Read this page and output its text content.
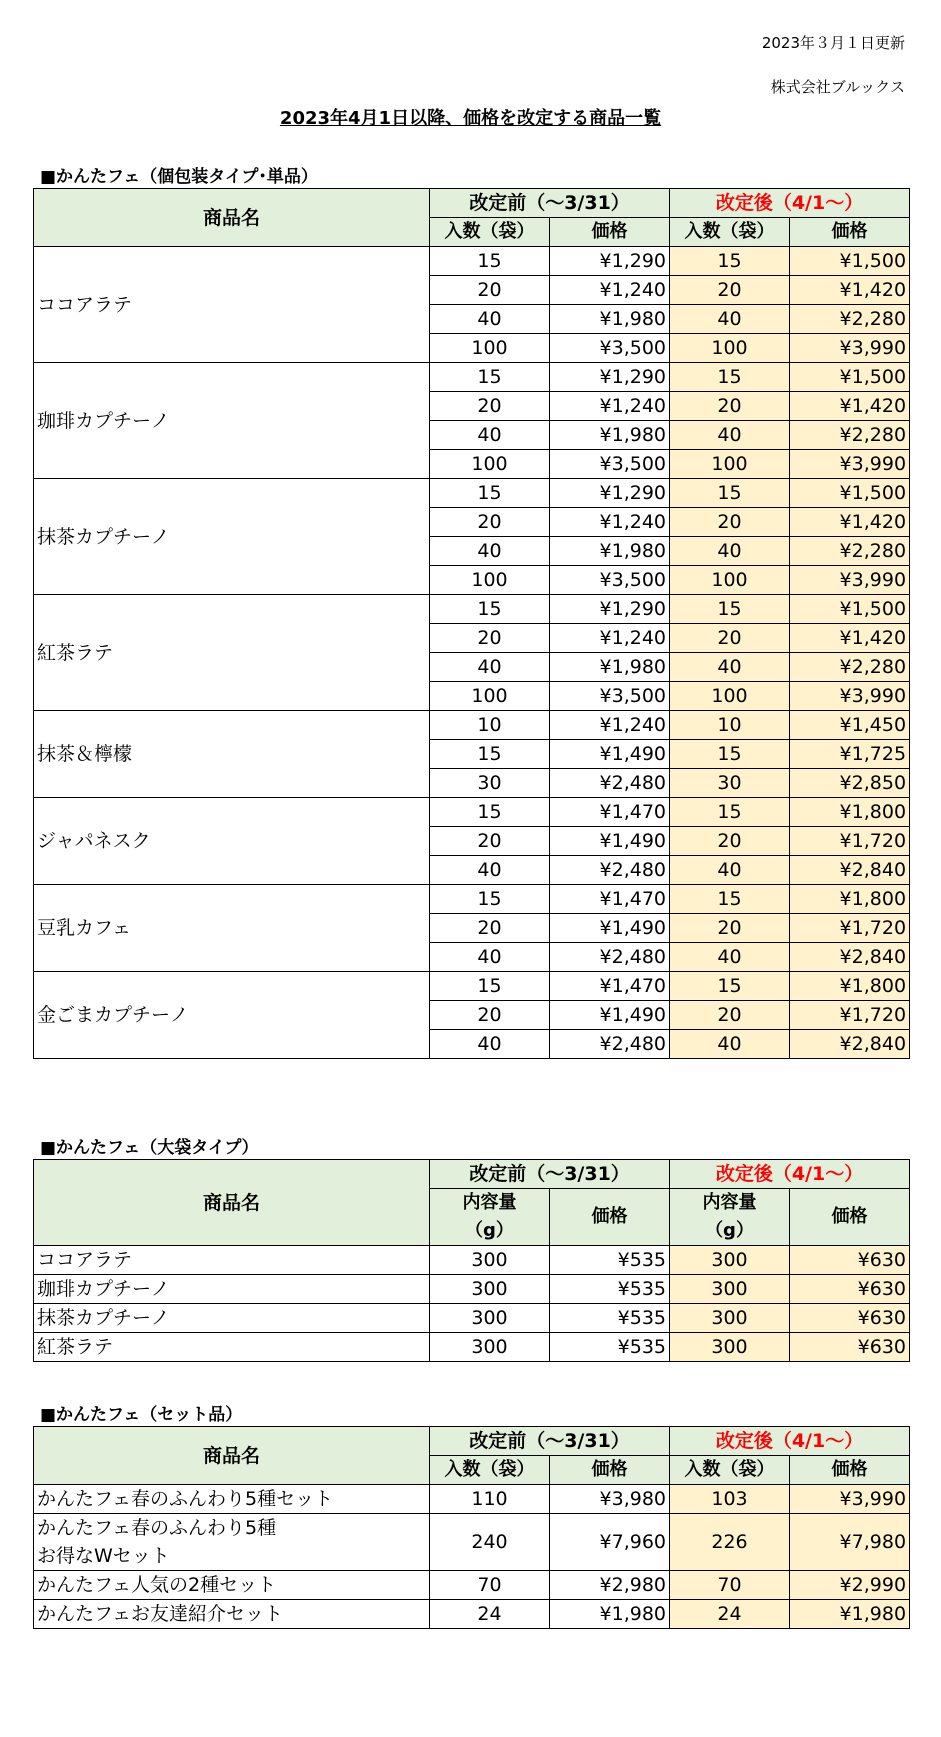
2023年３月１日更新
株式会社ブルックス
2023年4月1日以降、価格を改定する商品一覧
■かんたフェ（個包装タイプ･単品）
商品名	改定前（～3/31）		改定後（4/1～）	
	入数（袋）	価格	入数（袋）	価格
ココアラテ	15	¥1,290	15	¥1,500
	20	¥1,240	20	¥1,420
	40	¥1,980	40	¥2,280
	100	¥3,500	100	¥3,990
珈琲カプチーノ	15	¥1,290	15	¥1,500
	20	¥1,240	20	¥1,420
	40	¥1,980	40	¥2,280
	100	¥3,500	100	¥3,990
抹茶カプチーノ	15	¥1,290	15	¥1,500
	20	¥1,240	20	¥1,420
	40	¥1,980	40	¥2,280
	100	¥3,500	100	¥3,990
紅茶ラテ	15	¥1,290	15	¥1,500
	20	¥1,240	20	¥1,420
	40	¥1,980	40	¥2,280
	100	¥3,500	100	¥3,990
抹茶＆檸檬	10	¥1,240	10	¥1,450
	15	¥1,490	15	¥1,725
	30	¥2,480	30	¥2,850
ジャパネスク	15	¥1,470	15	¥1,800
	20	¥1,490	20	¥1,720
	40	¥2,480	40	¥2,840
豆乳カフェ	15	¥1,470	15	¥1,800
	20	¥1,490	20	¥1,720
	40	¥2,480	40	¥2,840
金ごまカプチーノ	15	¥1,470	15	¥1,800
	20	¥1,490	20	¥1,720
	40	¥2,480	40	¥2,840
■かんたフェ（大袋タイプ）
商品名	改定前（～3/31）		改定後（4/1～）	
	内容量
（g）	価格	内容量
（g）	価格
ココアラテ	300	¥535	300	¥630
珈琲カプチーノ	300	¥535	300	¥630
抹茶カプチーノ	300	¥535	300	¥630
紅茶ラテ	300	¥535	300	¥630
■かんたフェ（セット品）
商品名	改定前（～3/31）		改定後（4/1～）	
	入数（袋）	価格	入数（袋）	価格
かんたフェ春のふんわり5種セット	110	¥3,980	103	¥3,990
かんたフェ春のふんわり5種
お得なWセット	240	¥7,960	226	¥7,980
かんたフェ人気の2種セット	70	¥2,980	70	¥2,990
かんたフェお友達紹介セット	24	¥1,980	24	¥1,980
